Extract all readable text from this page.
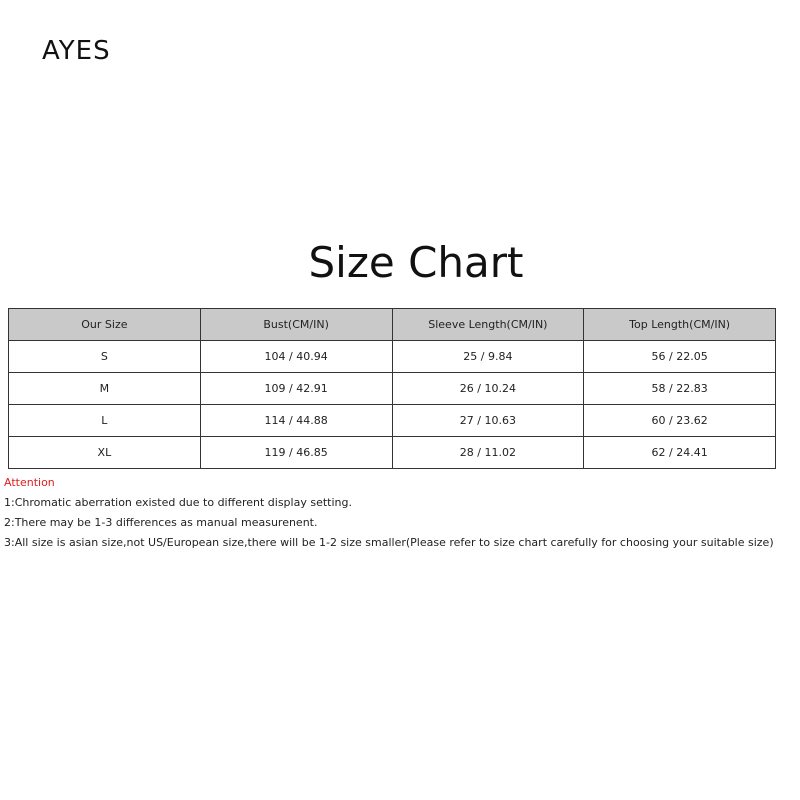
AYES
Size Chart
Our Size	Bust(CM/IN)	Sleeve Length(CM/IN)	Top Length(CM/IN)
S	104 / 40.94	25 / 9.84	56 / 22.05
M	109 / 42.91	26 / 10.24	58 / 22.83
L	114 / 44.88	27 / 10.63	60 / 23.62
XL	119 / 46.85	28 / 11.02	62 / 24.41
Attention
1:Chromatic aberration existed due to different display setting.
2:There may be 1-3 differences as manual measurenent.
3:All size is asian size,not US/European size,there will be 1-2 size smaller(Please refer to size chart carefully for choosing your suitable size)
